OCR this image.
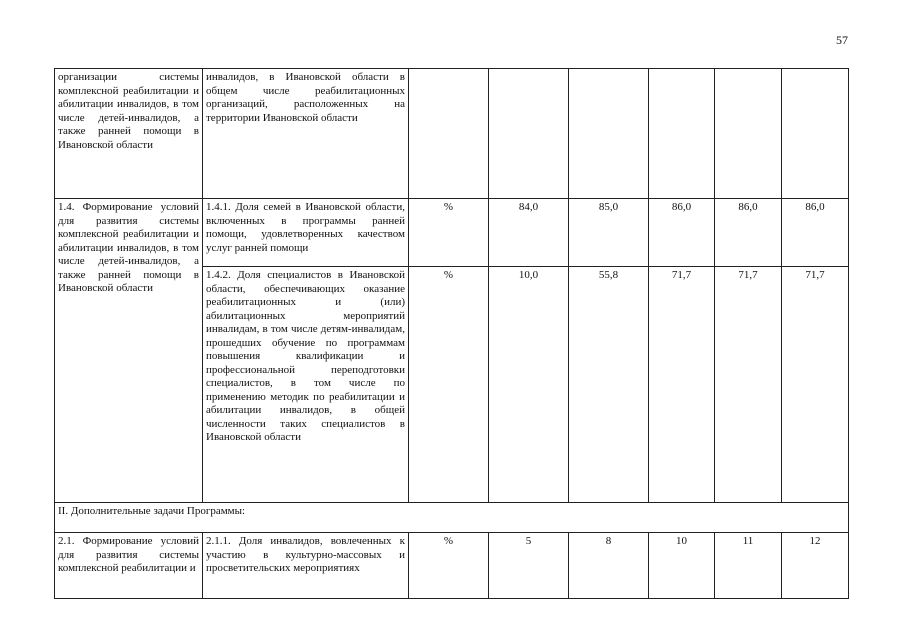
57
организации системы комплексной реабилитации и абилитации инвалидов, в том числе детей-инвалидов, а также ранней помощи в Ивановской области	инвалидов, в Ивановской области в общем числе реабилитационных организаций, расположенных на территории Ивановской области						
1.4. Формирование условий для развития системы комплексной реабилитации и абилитации инвалидов, в том числе детей-инвалидов, а также ранней помощи в Ивановской области	1.4.1. Доля семей в Ивановской области, включенных в программы ранней помощи, удовлетворенных качеством услуг ранней помощи	%	84,0	85,0	86,0	86,0	86,0
	1.4.2. Доля специалистов в Ивановской области, обеспечивающих оказание реабилитационных и (или) абилитационных мероприятий инвалидам, в том числе детям-инвалидам, прошедших обучение по программам повышения квалификации и профессиональной переподготовки специалистов, в том числе по применению методик по реабилитации и абилитации инвалидов, в общей численности таких специалистов в Ивановской области	%	10,0	55,8	71,7	71,7	71,7
II. Дополнительные задачи Программы:							
2.1. Формирование условий для развития системы комплексной реабилитации и	2.1.1. Доля инвалидов, вовлеченных к участию в культурно-массовых и просветительских мероприятиях	%	5	8	10	11	12
